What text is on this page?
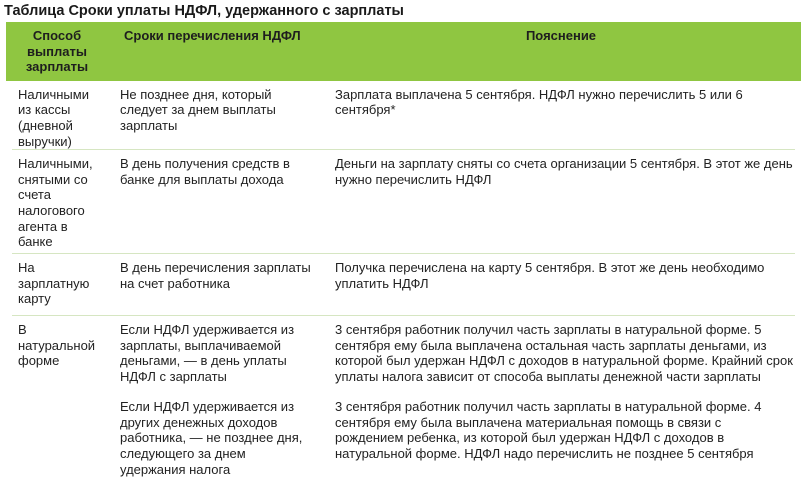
Таблица Сроки уплаты НДФЛ, удержанного с зарплаты
Способ выплаты зарплаты	Сроки перечисления НДФЛ	Пояснение
Наличными из кассы (дневной выручки)	Не позднее дня, который следует за днем выплаты зарплаты	Зарплата выплачена 5 сентября. НДФЛ нужно перечислить 5 или 6 сентября*

Наличными, снятыми со счета налогового агента в банке	В день получения средств в банке для выплаты дохода	Деньги на зарплату сняты со счета организации 5 сентября. В этот же день нужно перечислить НДФЛ

На зарплатную карту	В день перечисления зарплаты на счет работника	Получка перечислена на карту 5 сентября. В этот же день необходимо уплатить НДФЛ

В натуральной форме	Если НДФЛ удерживается из зарплаты, выплачиваемой деньгами, — в день уплаты НДФЛ с зарплаты	3 сентября работник получил часть зарплаты в натуральной форме. 5 сентября ему была выплачена остальная часть зарплаты деньгами, из которой был удержан НДФЛ с доходов в натуральной форме. Крайний срок уплаты налога зависит от способа выплаты денежной части зарплаты
	Если НДФЛ удерживается из других денежных доходов работника, — не позднее дня, следующего за днем удержания налога	3 сентября работник получил часть зарплаты в натуральной форме. 4 сентября ему была выплачена материальная помощь в связи с рождением ребенка, из которой был удержан НДФЛ с доходов в натуральной форме. НДФЛ надо перечислить не позднее 5 сентября
